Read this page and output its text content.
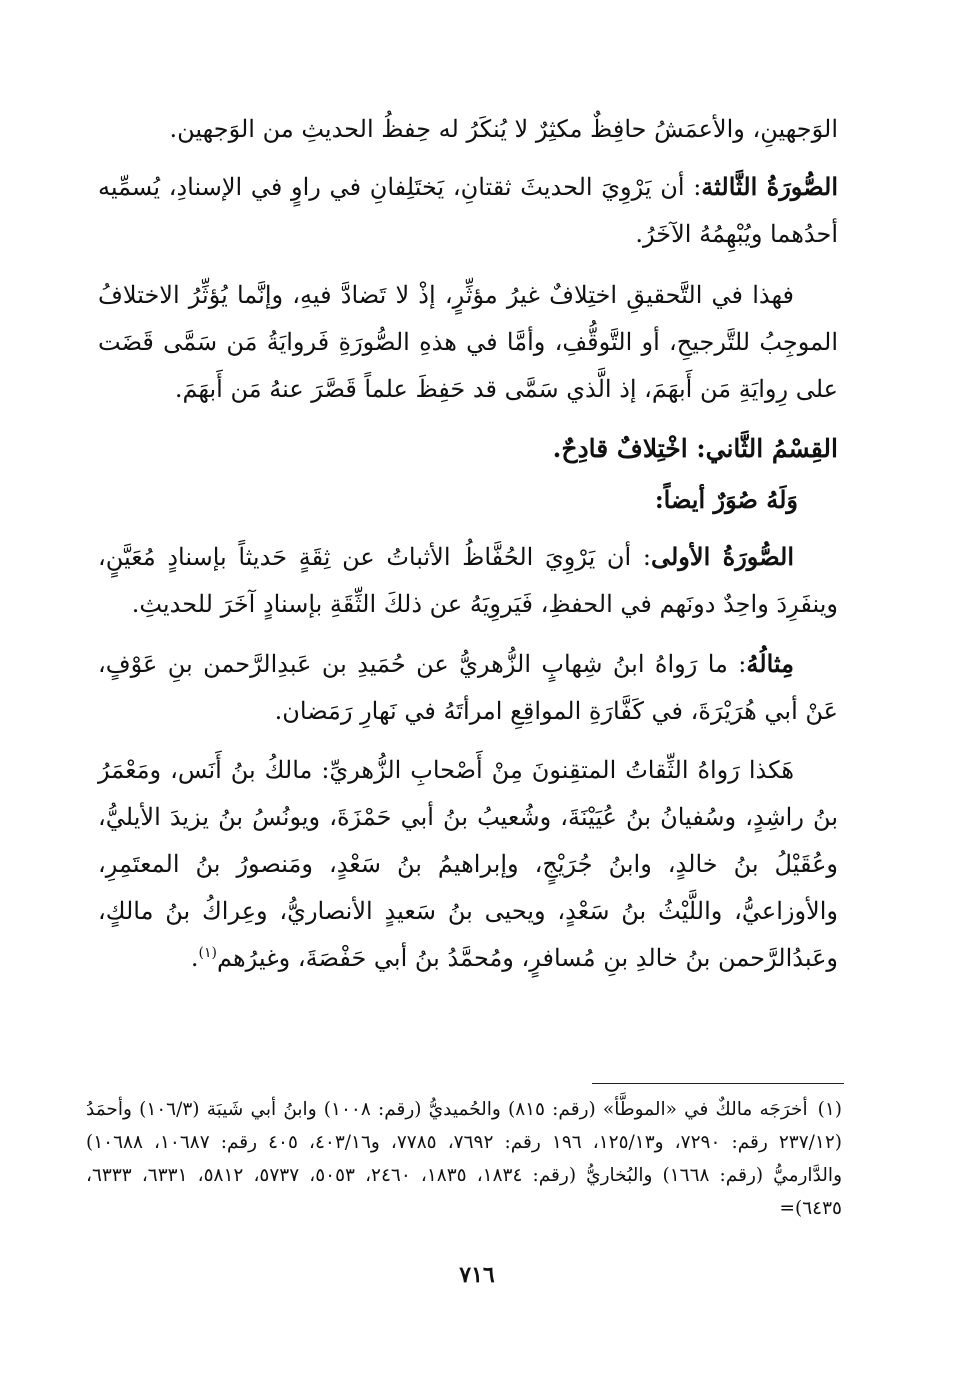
الوَجهينِ، والأعمَشُ حافِظٌ مكثِرٌ لا يُنكَرُ له حِفظُ الحديثِ من الوَجهين.

الصُّورَةُ الثَّالثة: أن يَرْوِيَ الحديثَ ثقتانِ، يَختَلِفانِ في راوٍ في الإسنادِ، يُسمِّيه أحدُهما ويُبْهِمُهُ الآخَرُ.

فهذا في التَّحقيقِ اختِلافٌ غيرُ مؤثِّرٍ، إذْ لا تَضادَّ فيهِ، وإنَّما يُؤثِّرُ الاختلافُ الموجِبُ للتَّرجيحِ، أو التَّوقُّفِ، وأمَّا في هذهِ الصُّورَةِ فَروايَةُ مَن سَمَّى قَضَت على رِوايَةِ مَن أَبهَمَ، إذ الَّذي سَمَّى قد حَفِظَ علماً قَصَّرَ عنهُ مَن أَبهَمَ.

القِسْمُ الثَّاني: اخْتِلافٌ قادِحٌ.

وَلَهُ صُوَرٌ أيضاً:

الصُّورَةُ الأولى: أن يَرْوِيَ الحُفَّاظُ الأثباتُ عن ثِقَةٍ حَديثاً بإسنادٍ مُعَيَّنٍ، وينفَرِدَ واحِدٌ دونَهم في الحفظِ، فَيَروِيَهُ عن ذلكَ الثِّقَةِ بإسنادٍ آخَرَ للحديثِ.

مِثالُهُ: ما رَواهُ ابنُ شِهابٍ الزُّهريُّ عن حُمَيدِ بن عَبدِالرَّحمن بنِ عَوْفٍ، عَنْ أبي هُرَيْرَةَ، في كَفَّارَةِ المواقِعِ امرأتَهُ في نَهارِ رَمَضان.

هَكذا رَواهُ الثِّقاتُ المتقِنونَ مِنْ أَصْحابِ الزُّهريِّ: مالكُ بنُ أَنَس، ومَعْمَرُ بنُ راشِدٍ، وسُفيانُ بنُ عُيَيْنَةَ، وشُعيبُ بنُ أبي حَمْزَةَ، ويونُسُ بنُ يزيدَ الأيليُّ، وعُقَيْلُ بنُ خالدٍ، وابنُ جُرَيْجٍ، وإبراهيمُ بنُ سَعْدٍ، ومَنصورُ بنُ المعتَمِرِ، والأوزاعيُّ، واللَّيْثُ بنُ سَعْدٍ، ويحيى بنُ سَعيدٍ الأنصاريُّ، وعِراكُ بنُ مالكٍ، وعَبدُالرَّحمن بنُ خالدِ بنِ مُسافرٍ، ومُحمَّدُ بنُ أبي حَفْصَةَ، وغيرُهم$^{(١)}$.

(١)أخرَجَه مالكٌ في «الموطَّأ» (رقم: ٨١٥) والحُميديُّ (رقم: ١٠٠٨) وابنُ أبي شَيبَة (١٠٦/٣) وأحمَدُ (٢٣٧/١٢ رقم: ٧٢٩٠، و١٢٥/١٣، ١٩٦ رقم: ٧٦٩٢، ٧٧٨٥، و٤٠٣/١٦، ٤٠٥ رقم: ١٠٦٨٧، ١٠٦٨٨) والدَّارميُّ (رقم: ١٦٦٨) والبُخاريُّ (رقم: ١٨٣٤، ١٨٣٥، ٢٤٦٠، ٥٠٥٣، ٥٧٣٧، ٥٨١٢، ٦٣٣١، ٦٣٣٣، ٦٤٣٥)=

٧١٦
